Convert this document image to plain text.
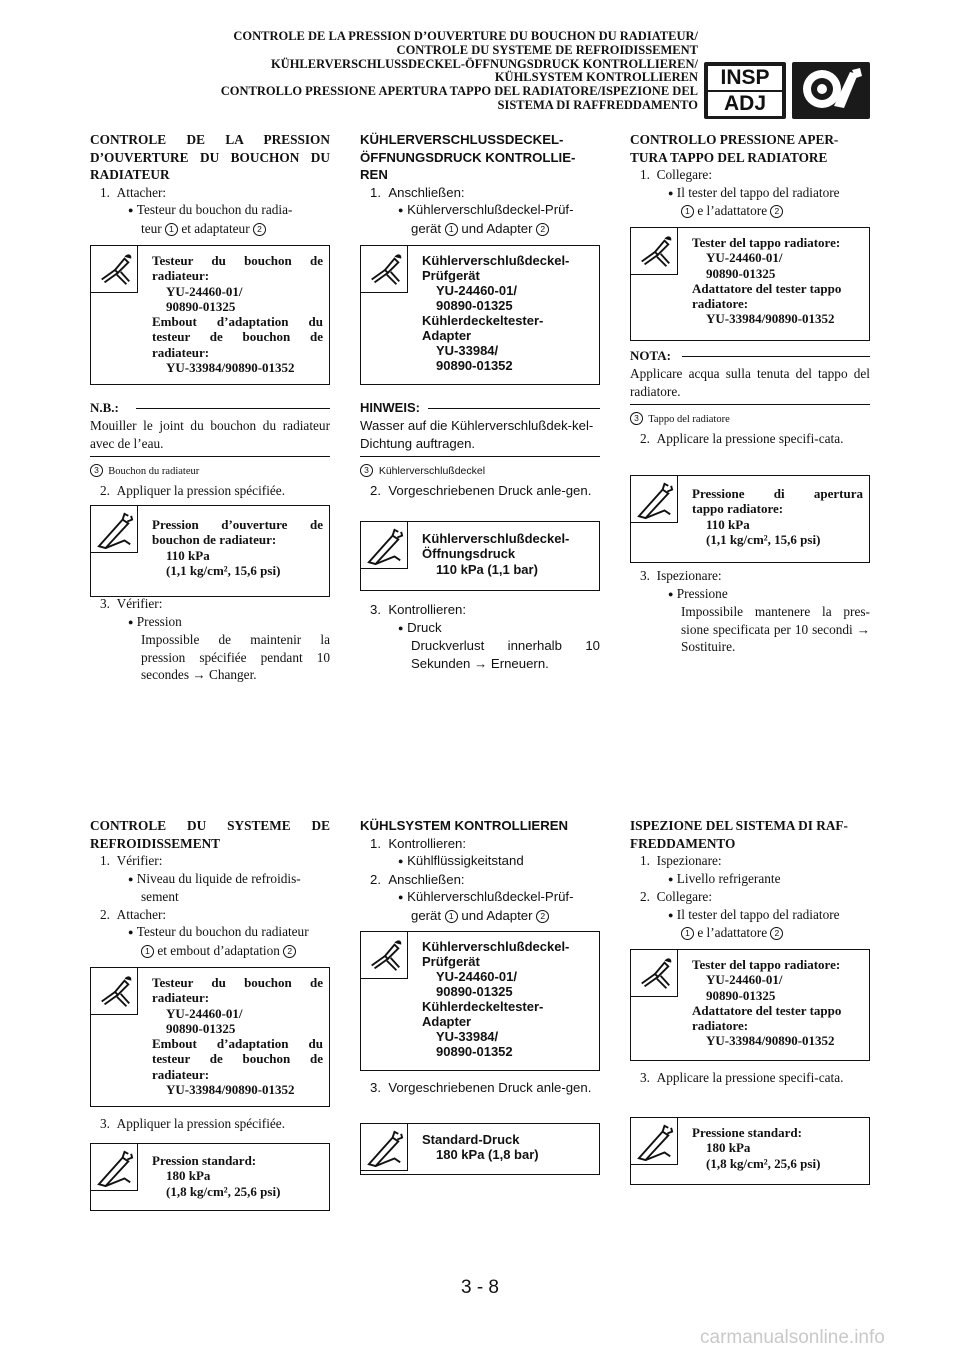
CONTROLE DE LA PRESSION D’OUVERTURE DU BOUCHON DU RADIATEUR/
CONTROLE DU SYSTEME DE REFROIDISSEMENT
KÜHLERVERSCHLUSSDECKEL-ÖFFNUNGSDRUCK KONTROLLIEREN/
KÜHLSYSTEM KONTROLLIEREN
CONTROLLO PRESSIONE APERTURA TAPPO DEL RADIATORE/ISPEZIONE DEL
SISTEMA DI RAFFREDDAMENTO
INSP
ADJ

CONTROLE DE LA PRESSION D’OUVERTURE DU BOUCHON DU RADIATEUR

1. Attacher:

● Testeur du bouchon du radia-
teur 1 et adaptateur 2

Testeur du bouchon de
radiateur:
YU-24460-01/
90890-01325
Embout d’adaptation du
testeur de bouchon de
radiateur:
YU-33984/90890-01352
N.B.:
Mouiller le joint du bouchon du radiateur avec de l’eau.
3 Bouchon du radiateur

2. Appliquer la pression spécifiée.

Pression d’ouverture de
bouchon de radiateur:
110 kPa
(1,1 kg/cm², 15,6 psi)

3. Vérifier:

● Pression

Impossible de maintenir la pression spécifiée pendant 10 secondes → Changer.

KÜHLERVERSCHLUSSDECKEL-ÖFFNUNGSDRUCK KONTROLLIE-REN

1. Anschließen:

● Kühlerverschlußdeckel-Prüf-
gerät 1 und Adapter 2

Kühlerverschlußdeckel-
Prüfgerät
YU-24460-01/
90890-01325
Kühlerdeckeltester-
Adapter
YU-33984/
90890-01352
HINWEIS:
Wasser auf die Kühlerverschlußdek-kel-Dichtung auftragen.
3 Kühlerverschlußdeckel

2. Vorgeschriebenen Druck anle-gen.

Kühlerverschlußdeckel-
Öffnungsdruck
110 kPa (1,1 bar)

3. Kontrollieren:

● Druck

Druckverlust innerhalb 10 Sekunden → Erneuern.

CONTROLLO PRESSIONE APER-TURA TAPPO DEL RADIATORE

1. Collegare:

● Il tester del tappo del radiatore
1 e l’adattatore 2

Tester del tappo radiatore:
YU-24460-01/
90890-01325
Adattatore del tester tappo
radiatore:
YU-33984/90890-01352
NOTA:
Applicare acqua sulla tenuta del tappo del radiatore.
3 Tappo del radiatore

2. Applicare la pressione specifi-cata.

Pressione di apertura
tappo radiatore:
110 kPa
(1,1 kg/cm², 15,6 psi)

3. Ispezionare:

● Pressione

Impossibile mantenere la pres-sione specificata per 10 secondi → Sostituire.

CONTROLE DU SYSTEME DE REFROIDISSEMENT

1. Vérifier:

● Niveau du liquide de refroidis-sement

2. Attacher:

● Testeur du bouchon du radiateur
1 et embout d’adaptation 2

Testeur du bouchon de
radiateur:
YU-24460-01/
90890-01325
Embout d’adaptation du
testeur de bouchon de
radiateur:
YU-33984/90890-01352

3. Appliquer la pression spécifiée.

Pression standard:
180 kPa
(1,8 kg/cm², 25,6 psi)

KÜHLSYSTEM KONTROLLIEREN

1. Kontrollieren:

● Kühlflüssigkeitstand

2. Anschließen:

● Kühlerverschlußdeckel-Prüf-
gerät 1 und Adapter 2

Kühlerverschlußdeckel-
Prüfgerät
YU-24460-01/
90890-01325
Kühlerdeckeltester-
Adapter
YU-33984/
90890-01352

3. Vorgeschriebenen Druck anle-gen.

Standard-Druck
180 kPa (1,8 bar)

ISPEZIONE DEL SISTEMA DI RAF-FREDDAMENTO

1. Ispezionare:

● Livello refrigerante

2. Collegare:

● Il tester del tappo del radiatore
1 e l’adattatore 2

Tester del tappo radiatore:
YU-24460-01/
90890-01325
Adattatore del tester tappo
radiatore:
YU-33984/90890-01352

3. Applicare la pressione specifi-cata.

Pressione standard:
180 kPa
(1,8 kg/cm², 25,6 psi)
3 - 8
carmanualsonline.info
